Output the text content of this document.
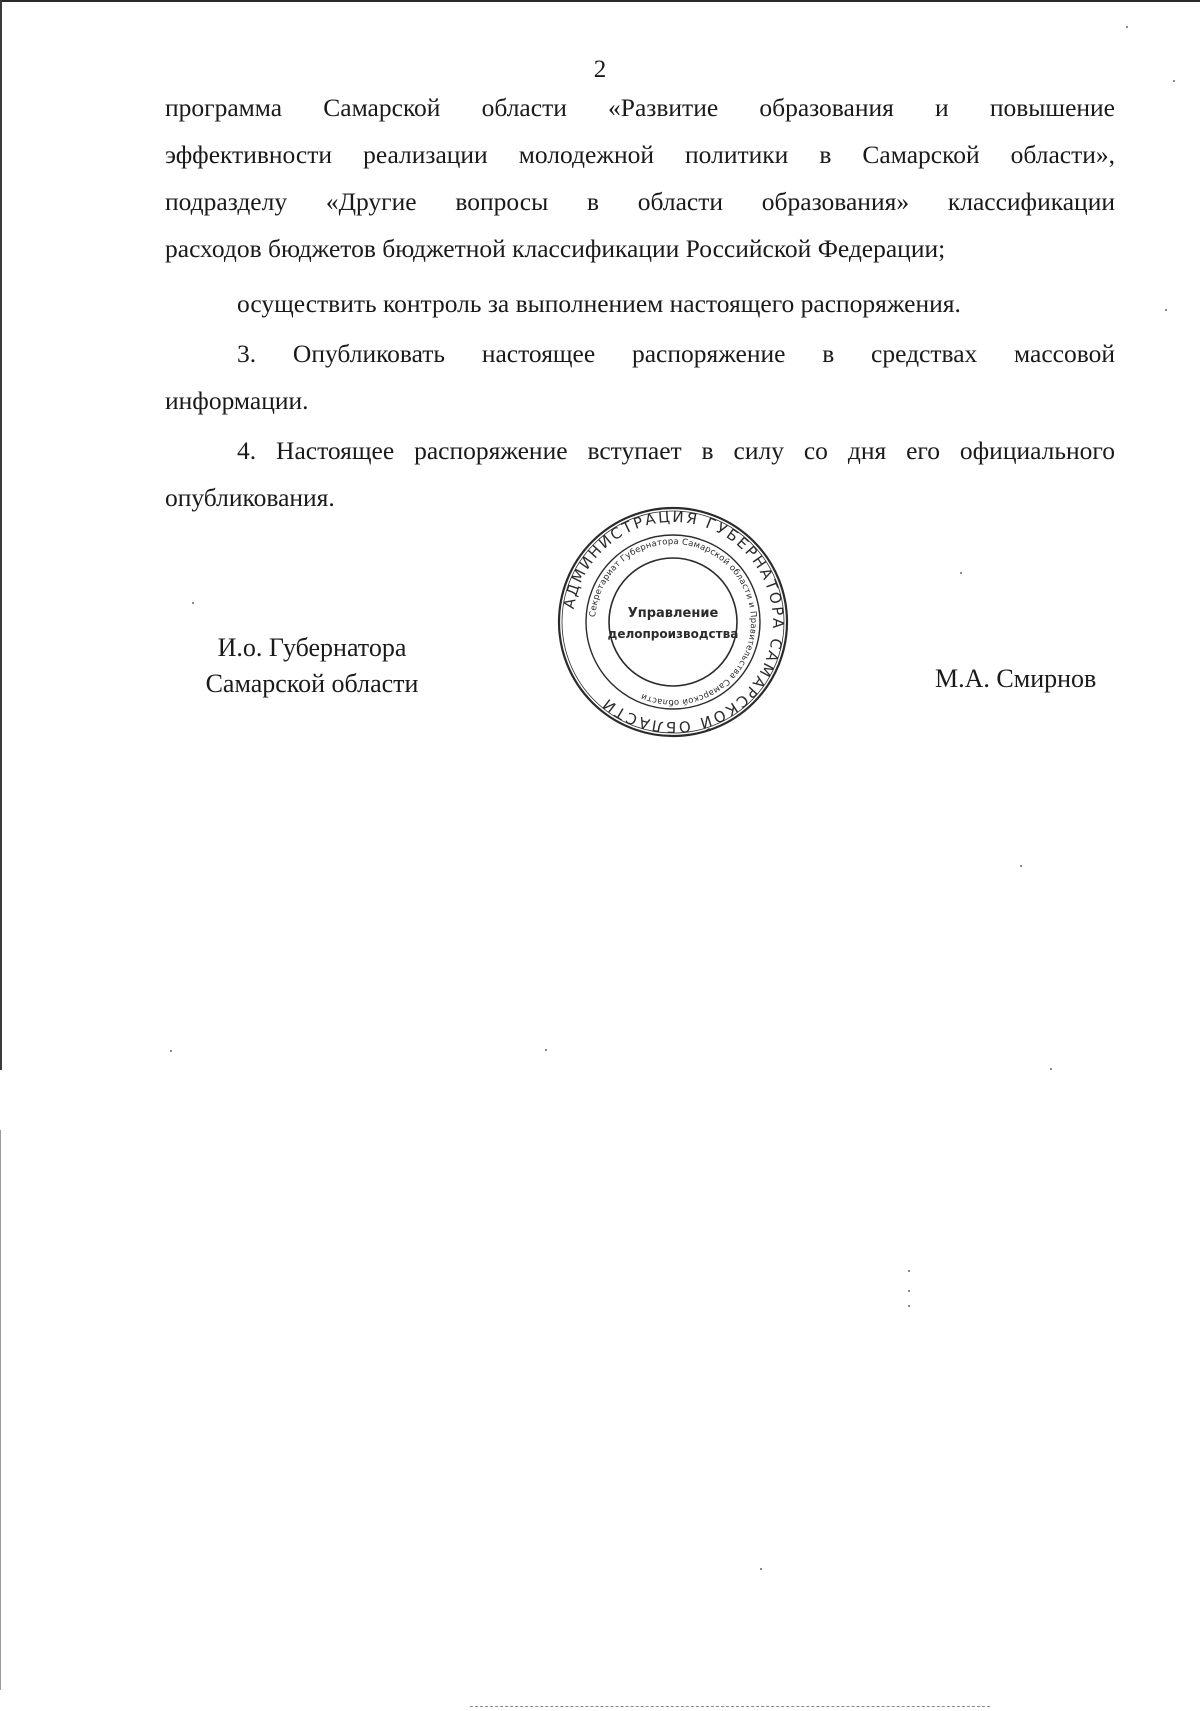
2
программа Самарской области «Развитие образования и повышение
эффективности реализации молодежной политики в Самарской области»,
подразделу «Другие вопросы в области образования» классификации
расходов бюджетов бюджетной классификации Российской Федерации;
осуществить контроль за выполнением настоящего распоряжения.
3. Опубликовать настоящее распоряжение в средствах массовой
информации.
4. Настоящее распоряжение вступает в силу со дня его официального
опубликования.
И.о. Губернатора
Самарской области	М.А. Смирнов
АДМИНИСТРАЦИЯ ГУБЕРНАТОРА САМАРСКОЙ ОБЛАСТИ
Секретариат Губернатора Самарской области и Правительства Самарской области
Управление
делопроизводства
